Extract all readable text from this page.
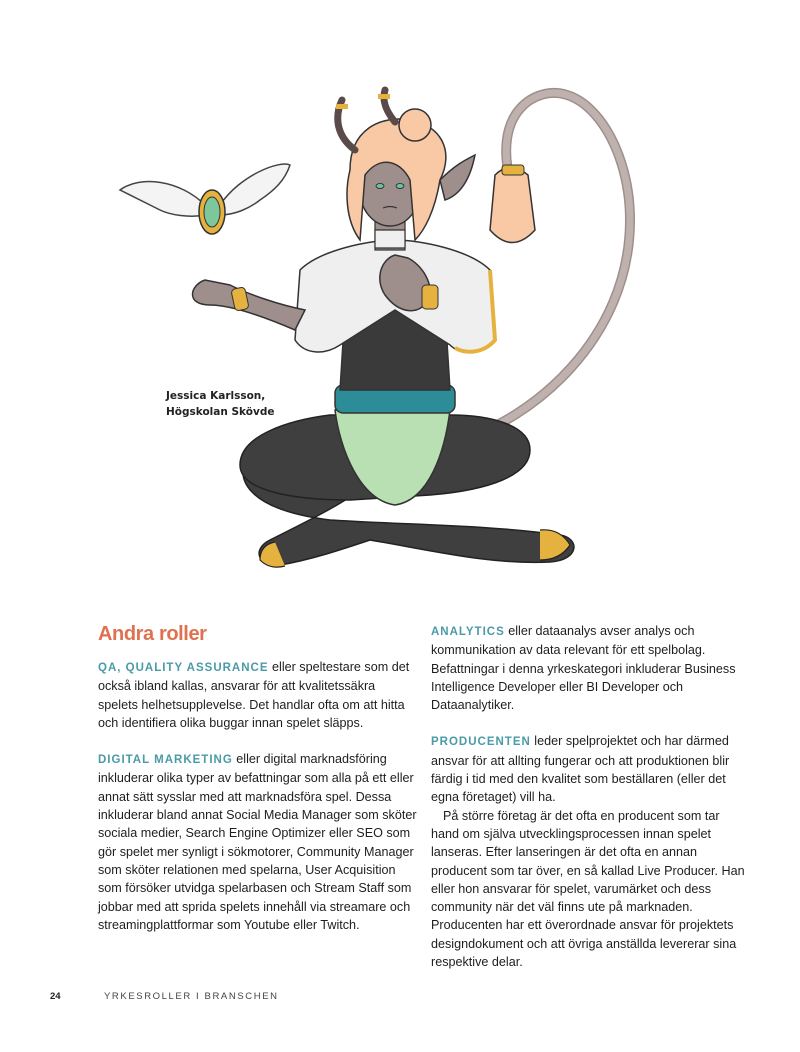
Jessica Karlsson,
Högskolan Skövde
Andra roller

QA, QUALITY ASSURANCE eller speltestare som det också ibland kallas, ansvarar för att kvalitetssäkra spelets helhetsupplevelse. Det handlar ofta om att hitta och identifiera olika buggar innan spelet släpps.

DIGITAL MARKETING eller digital marknadsföring inkluderar olika typer av befattningar som alla på ett eller annat sätt sysslar med att marknadsföra spel. Dessa inkluderar bland annat Social Media Manager som sköter sociala medier, Search Engine Optimizer eller SEO som gör spelet mer synligt i sökmotorer, Community Manager som sköter relationen med spelarna, User Acquisition som försöker utvidga spelarbasen och Stream Staff som jobbar med att sprida spelets innehåll via streamare och streamingplattformar som Youtube eller Twitch.

ANALYTICS eller dataanalys avser analys och kommunikation av data relevant för ett spelbolag. Befattningar i denna yrkeskategori inkluderar Business Intelligence Developer eller BI Developer och Dataanalytiker.

PRODUCENTEN leder spelprojektet och har därmed ansvar för att allting fungerar och att produktionen blir färdig i tid med den kvalitet som beställaren (eller det egna företaget) vill ha.

På större företag är det ofta en producent som tar hand om själva utvecklingsprocessen innan spelet lanseras. Efter lanseringen är det ofta en annan producent som tar över, en så kallad Live Producer. Han eller hon ansvarar för spelet, varumärket och dess community när det väl finns ute på marknaden. Producenten har ett överordnade ansvar för projektets designdokument och att övriga anställda levererar sina respektive delar.

24	YRKESROLLER I BRANSCHEN
